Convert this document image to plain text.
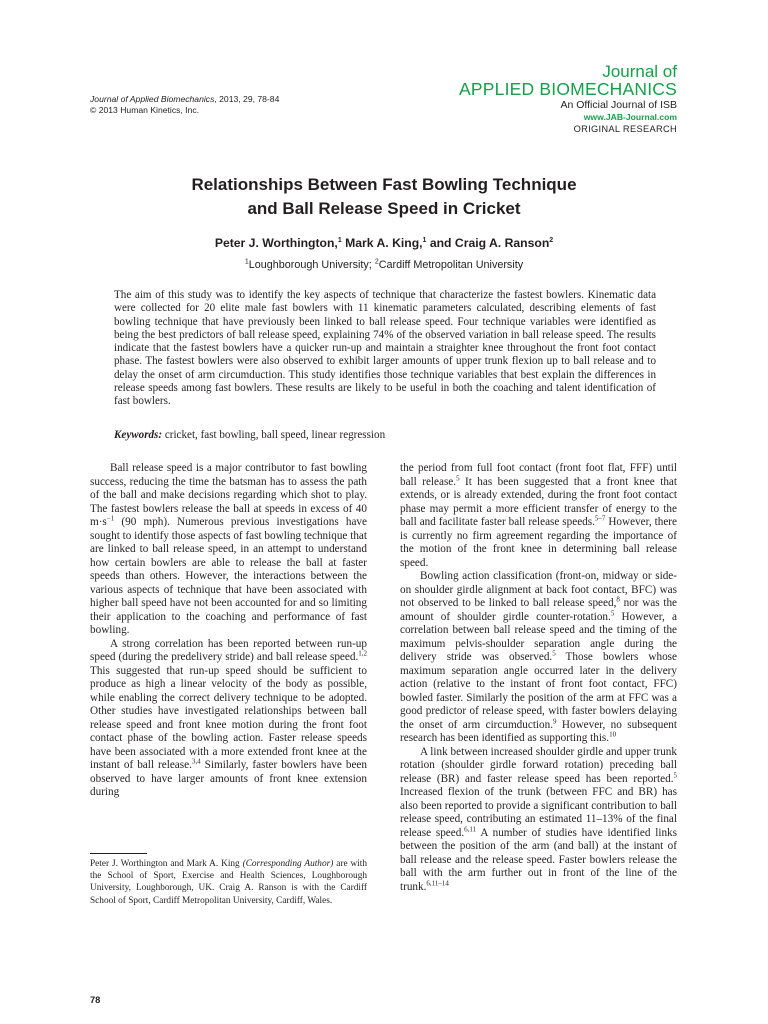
Journal of Applied Biomechanics, 2013, 29, 78-84
© 2013 Human Kinetics, Inc.
Journal of
APPLIED BIOMECHANICS
An Official Journal of ISB
www.JAB-Journal.com
ORIGINAL RESEARCH
Relationships Between Fast Bowling Technique
and Ball Release Speed in Cricket
Peter J. Worthington,$^1$ Mark A. King,$^1$ and Craig A. Ranson$^2$
$^1$Loughborough University; $^2$Cardiff Metropolitan University
The aim of this study was to identify the key aspects of technique that characterize the fastest bowlers. Kinematic data were collected for 20 elite male fast bowlers with 11 kinematic parameters calculated, describing elements of fast bowling technique that have previously been linked to ball release speed. Four technique variables were identified as being the best predictors of ball release speed, explaining 74% of the observed variation in ball release speed. The results indicate that the fastest bowlers have a quicker run-up and maintain a straighter knee throughout the front foot contact phase. The fastest bowlers were also observed to exhibit larger amounts of upper trunk flexion up to ball release and to delay the onset of arm circumduction. This study identifies those technique variables that best explain the differences in release speeds among fast bowlers. These results are likely to be useful in both the coaching and talent identification of fast bowlers.
Keywords: cricket, fast bowling, ball speed, linear regression

Ball release speed is a major contributor to fast bowling success, reducing the time the batsman has to assess the path of the ball and make decisions regarding which shot to play. The fastest bowlers release the ball at speeds in excess of 40 $m\cdot s^{-1}$ (90 mph). Numerous previous investigations have sought to identify those aspects of fast bowling technique that are linked to ball release speed, in an attempt to understand how certain bowlers are able to release the ball at faster speeds than others. However, the interactions between the various aspects of technique that have been associated with higher ball speed have not been accounted for and so limiting their application to the coaching and performance of fast bowling.

A strong correlation has been reported between run-up speed (during the predelivery stride) and ball release speed.$^{1,2}$ This suggested that run-up speed should be sufficient to produce as high a linear velocity of the body as possible, while enabling the correct delivery technique to be adopted. Other studies have investigated relationships between ball release speed and front knee motion during the front foot contact phase of the bowling action. Faster release speeds have been associated with a more extended front knee at the instant of ball release.$^{3,4}$ Similarly, faster bowlers have been observed to have larger amounts of front knee extension during

the period from full foot contact (front foot flat, FFF) until ball release.$^5$ It has been suggested that a front knee that extends, or is already extended, during the front foot contact phase may permit a more efficient transfer of energy to the ball and facilitate faster ball release speeds.$^{5-7}$ However, there is currently no firm agreement regarding the importance of the motion of the front knee in determining ball release speed.

Bowling action classification (front-on, midway or side-on shoulder girdle alignment at back foot contact, BFC) was not observed to be linked to ball release speed,$^8$ nor was the amount of shoulder girdle counter-rotation.$^5$ However, a correlation between ball release speed and the timing of the maximum pelvis-shoulder separation angle during the delivery stride was observed.$^5$ Those bowlers whose maximum separation angle occurred later in the delivery action (relative to the instant of front foot contact, FFC) bowled faster. Similarly the position of the arm at FFC was a good predictor of release speed, with faster bowlers delaying the onset of arm circumduction.$^9$ However, no subsequent research has been identified as supporting this.$^{10}$

A link between increased shoulder girdle and upper trunk rotation (shoulder girdle forward rotation) preceding ball release (BR) and faster release speed has been reported.$^5$ Increased flexion of the trunk (between FFC and BR) has also been reported to provide a significant contribution to ball release speed, contributing an estimated 11–13% of the final release speed.$^{6,11}$ A number of studies have identified links between the position of the arm (and ball) at the instant of ball release and the release speed. Faster bowlers release the ball with the arm further out in front of the line of the trunk.$^{6,11-14}$

Peter J. Worthington and Mark A. King (Corresponding Author) are with the School of Sport, Exercise and Health Sciences, Loughborough University, Loughborough, UK. Craig A. Ranson is with the Cardiff School of Sport, Cardiff Metropolitan University, Cardiff, Wales.
78
